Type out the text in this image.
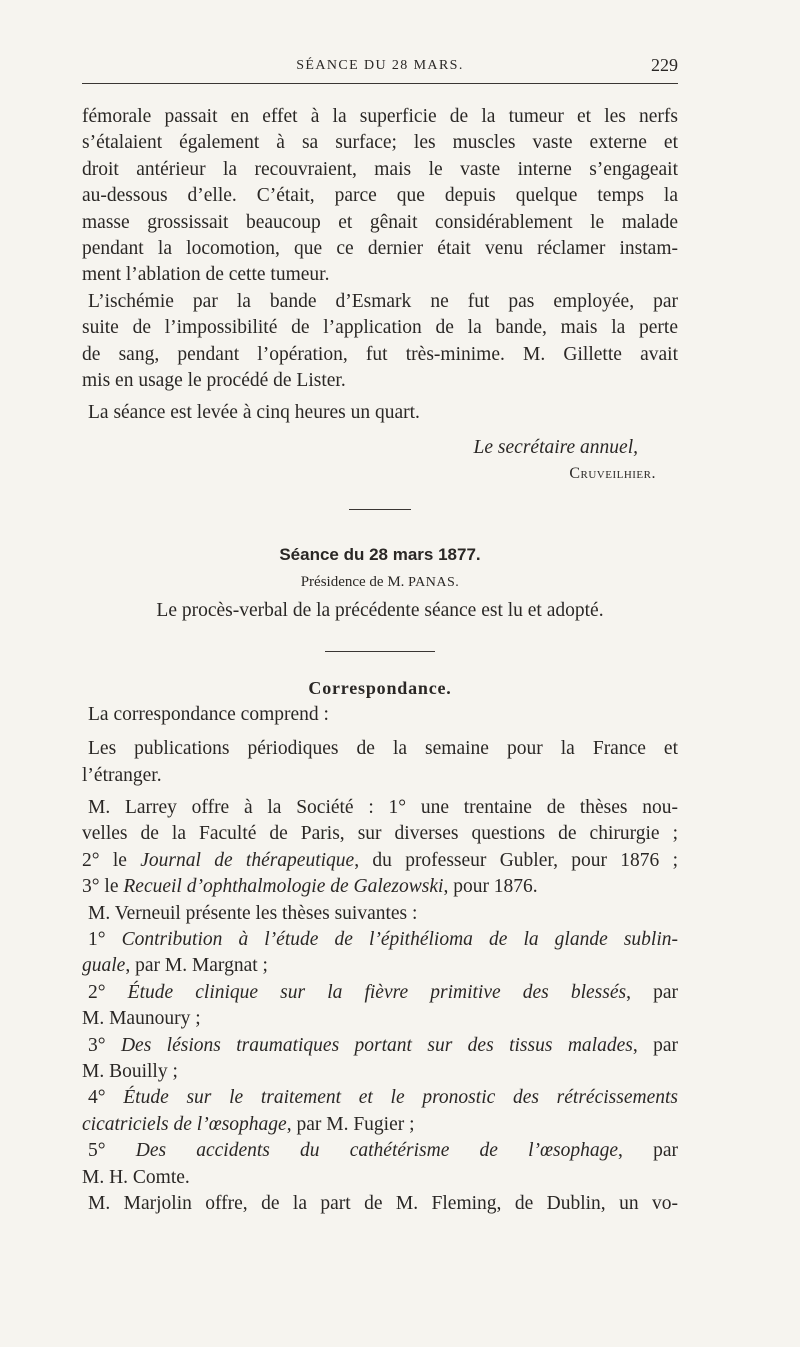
SÉANCE DU 28 MARS.	229
fémorale passait en effet à la superficie de la tumeur et les nerfs
s’étalaient également à sa surface; les muscles vaste externe et
droit antérieur la recouvraient, mais le vaste interne s’engageait
au-dessous d’elle. C’était, parce que depuis quelque temps la
masse grossissait beaucoup et gênait considérablement le malade
pendant la locomotion, que ce dernier était venu réclamer instam-
ment l’ablation de cette tumeur.
L’ischémie par la bande d’Esmark ne fut pas employée, par
suite de l’impossibilité de l’application de la bande, mais la perte
de sang, pendant l’opération, fut très-minime. M. Gillette avait
mis en usage le procédé de Lister.
La séance est levée à cinq heures un quart.
Le secrétaire annuel,
Cruveilhier.
Séance du 28 mars 1877.
Présidence de M. PANAS.
Le procès-verbal de la précédente séance est lu et adopté.
Correspondance.
La correspondance comprend :
Les publications périodiques de la semaine pour la France et
l’étranger.
M. Larrey offre à la Société : 1° une trentaine de thèses nou-
velles de la Faculté de Paris, sur diverses questions de chirurgie ;
2° le Journal de thérapeutique, du professeur Gubler, pour 1876 ;
3° le Recueil d’ophthalmologie de Galezowski, pour 1876.
M. Verneuil présente les thèses suivantes :
1° Contribution à l’étude de l’épithélioma de la glande sublin-
guale, par M. Margnat ;
2° Étude clinique sur la fièvre primitive des blessés, par
M. Maunoury ;
3° Des lésions traumatiques portant sur des tissus malades, par
M. Bouilly ;
4° Étude sur le traitement et le pronostic des rétrécissements
cicatriciels de l’œsophage, par M. Fugier ;
5° Des accidents du cathétérisme de l’œsophage, par
M. H. Comte.
M. Marjolin offre, de la part de M. Fleming, de Dublin, un vo-
